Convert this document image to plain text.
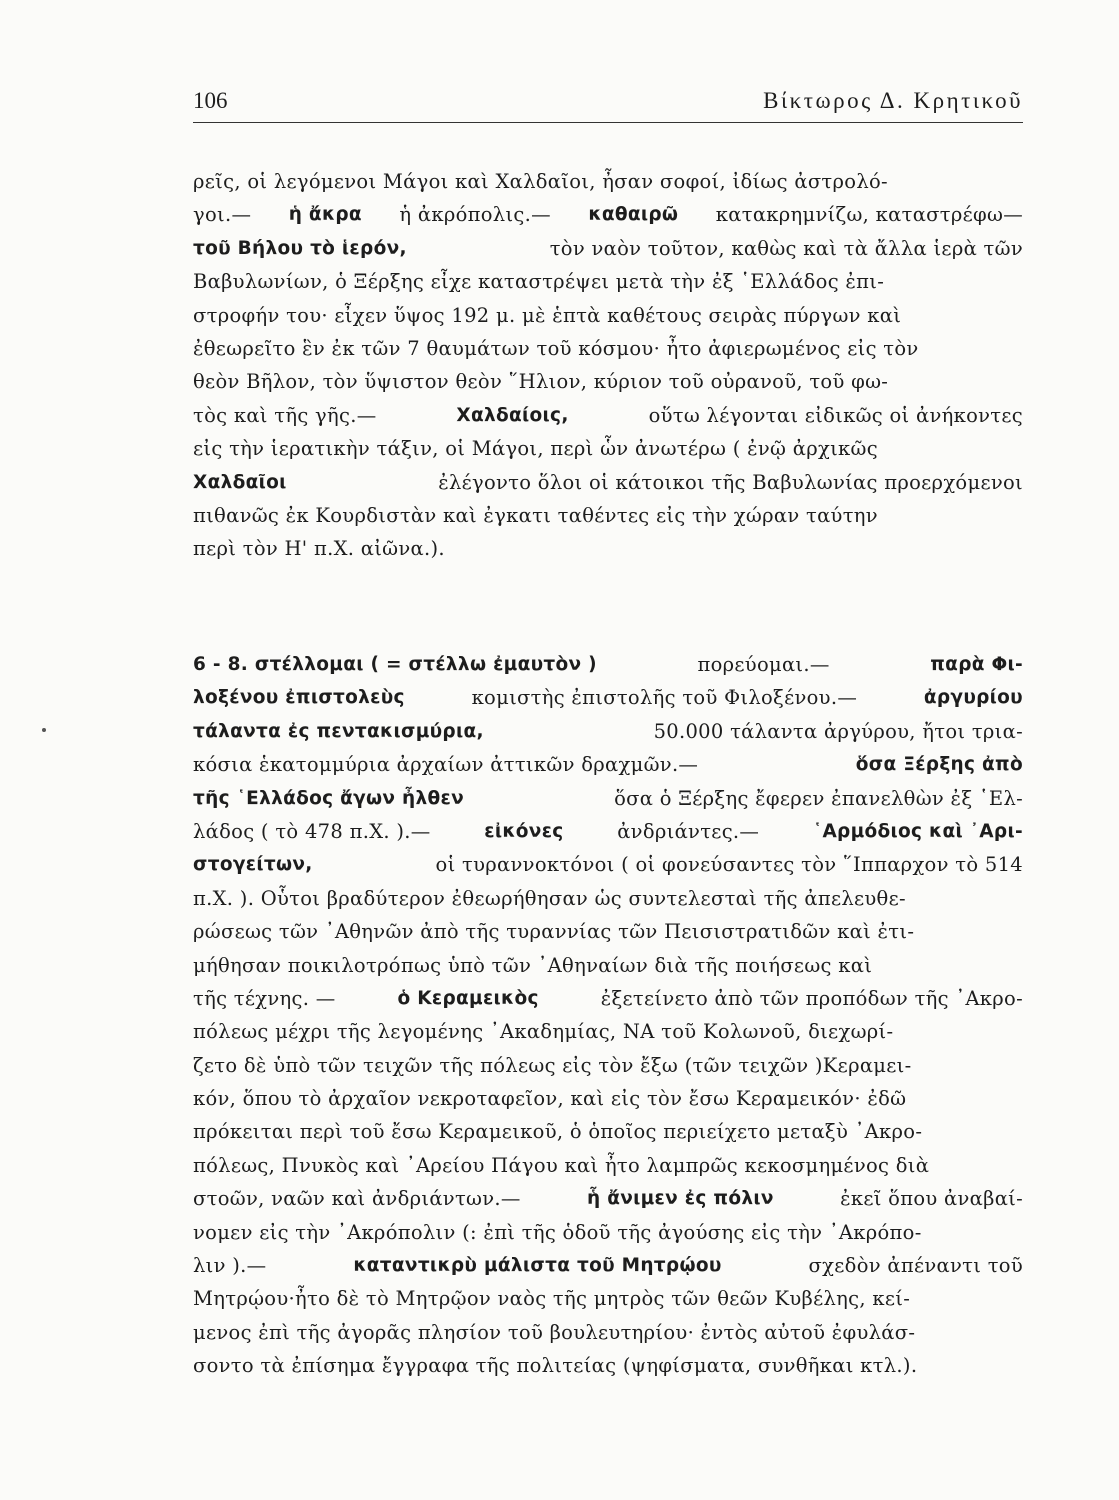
106	Βίκτωρος Δ. Κρητικοῦ
ρεῖς, οἱ λεγόμενοι Μάγοι καὶ Χαλδαῖοι, ἦσαν σοφοί, ἰδίως ἀστρολό-
γοι.— ἡ ἄκρα ἡ ἀκρόπολις.— καθαιρῶ κατακρημνίζω, καταστρέφω—
τοῦ Βήλου τὸ ἱερόν,	τὸν ναὸν τοῦτον, καθὼς καὶ τὰ ἄλλα ἱερὰ τῶν
Βαβυλωνίων, ὁ Ξέρξης εἶχε καταστρέψει μετὰ τὴν ἐξ ῾Ελλάδος ἐπι-
στροφήν του· εἶχεν ὕψος 192 μ. μὲ ἑπτὰ καθέτους σειρὰς πύργων καὶ
ἐθεωρεῖτο ἓν ἐκ τῶν 7 θαυμάτων τοῦ κόσμου· ἦτο ἀφιερωμένος εἰς τὸν
θεὸν Βῆλον, τὸν ὕψιστον θεὸν ῞Ηλιον, κύριον τοῦ οὐρανοῦ, τοῦ φω-
τὸς καὶ τῆς γῆς.—	Χαλδαίοις,	οὕτω λέγονται εἰδικῶς οἱ ἀνήκοντες
εἰς τὴν ἱερατικὴν τάξιν, οἱ Μάγοι, περὶ ὧν ἀνωτέρω ( ἐνῷ ἀρχικῶς
Χαλδαῖοι	ἐλέγοντο ὅλοι οἱ κάτοικοι τῆς Βαβυλωνίας προερχόμενοι
πιθανῶς ἐκ Κουρδιστὰν καὶ ἐγκατι ταθέντες εἰς τὴν χώραν ταύτην
περὶ τὸν Η' π.Χ. αἰῶνα.).
6 - 8. στέλλομαι ( = στέλλω ἐμαυτὸν )	πορεύομαι.—	παρὰ Φι-
λοξένου ἐπιστολεὺς	κομιστὴς ἐπιστολῆς τοῦ Φιλοξένου.—	ἀργυρίου
τάλαντα ἐς πεντακισμύρια,	50.000 τάλαντα ἀργύρου, ἤτοι τρια-
κόσια ἑκατομμύρια ἀρχαίων ἀττικῶν δραχμῶν.—	ὅσα Ξέρξης ἀπὸ
τῆς ῾Ελλάδος ἄγων ἦλθεν	ὅσα ὁ Ξέρξης ἔφερεν ἐπανελθὼν ἐξ ῾Ελ-
λάδος ( τὸ 478 π.Χ. ).—	εἰκόνες	ἀνδριάντες.—	῾Αρμόδιος καὶ ᾿Αρι-
στογείτων,	οἱ τυραννοκτόνοι ( οἱ φονεύσαντες τὸν ῞Ιππαρχον τὸ 514
π.Χ. ). Οὗτοι βραδύτερον ἐθεωρήθησαν ὡς συντελεσταὶ τῆς ἀπελευθε-
ρώσεως τῶν ᾿Αθηνῶν ἀπὸ τῆς τυραννίας τῶν Πεισιστρατιδῶν καὶ ἐτι-
μήθησαν ποικιλοτρόπως ὑπὸ τῶν ᾿Αθηναίων διὰ τῆς ποιήσεως καὶ
τῆς τέχνης. —	ὁ Κεραμεικὸς	ἐξετείνετο ἀπὸ τῶν προπόδων τῆς ᾿Ακρο-
πόλεως μέχρι τῆς λεγομένης ᾿Ακαδημίας, ΝΑ τοῦ Κολωνοῦ, διεχωρί-
ζετο δὲ ὑπὸ τῶν τειχῶν τῆς πόλεως εἰς τὸν ἔξω (τῶν τειχῶν )Κεραμει-
κόν, ὅπου τὸ ἀρχαῖον νεκροταφεῖον, καὶ εἰς τὸν ἔσω Κεραμεικόν· ἐδῶ
πρόκειται περὶ τοῦ ἔσω Κεραμεικοῦ, ὁ ὁποῖος περιείχετο μεταξὺ ᾿Ακρο-
πόλεως, Πνυκὸς καὶ ᾿Αρείου Πάγου καὶ ἦτο λαμπρῶς κεκοσμημένος διὰ
στοῶν, ναῶν καὶ ἀνδριάντων.—	ἧ ἄνιμεν ἐς πόλιν	ἐκεῖ ὅπου ἀναβαί-
νομεν εἰς τὴν ᾿Ακρόπολιν (: ἐπὶ τῆς ὁδοῦ τῆς ἀγούσης εἰς τὴν ᾿Ακρόπο-
λιν ).—	καταντικρὺ μάλιστα τοῦ Μητρῴου	σχεδὸν ἀπέναντι τοῦ
Μητρῴου·ἦτο δὲ τὸ Μητρῷον ναὸς τῆς μητρὸς τῶν θεῶν Κυβέλης, κεί-
μενος ἐπὶ τῆς ἀγορᾶς πλησίον τοῦ βουλευτηρίου· ἐντὸς αὐτοῦ ἐφυλάσ-
σοντο τὰ ἐπίσημα ἔγγραφα τῆς πολιτείας (ψηφίσματα, συνθῆκαι κτλ.).
